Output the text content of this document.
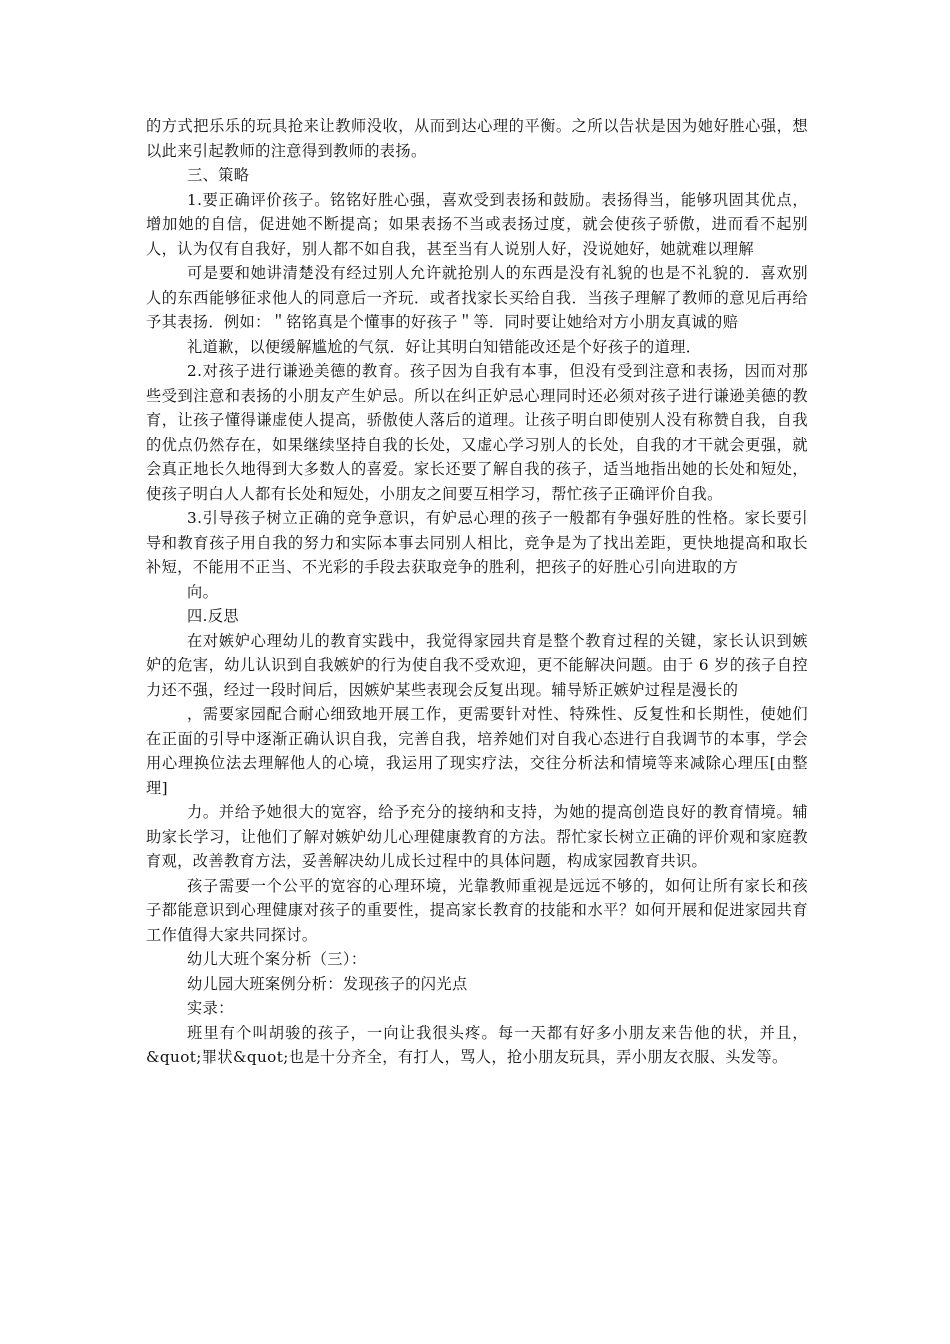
的方式把乐乐的玩具抢来让教师没收，从而到达心理的平衡。之所以告状是因为她好胜心强，想以此来引起教师的注意得到教师的表扬。

三、策略

1.要正确评价孩子。铭铭好胜心强，喜欢受到表扬和鼓励。表扬得当，能够巩固其优点，增加她的自信，促进她不断提高；如果表扬不当或表扬过度，就会使孩子骄傲，进而看不起别人，认为仅有自我好，别人都不如自我，甚至当有人说别人好，没说她好，她就难以理解

可是要和她讲清楚没有经过别人允许就抢别人的东西是没有礼貌的也是不礼貌的．喜欢别人的东西能够征求他人的同意后一齐玩．或者找家长买给自我．当孩子理解了教师的意见后再给予其表扬．例如：＂铭铭真是个懂事的好孩子＂等．同时要让她给对方小朋友真诚的赔

礼道歉，以便缓解尴尬的气氛．好让其明白知错能改还是个好孩子的道理．

2.对孩子进行谦逊美德的教育。孩子因为自我有本事，但没有受到注意和表扬，因而对那些受到注意和表扬的小朋友产生妒忌。所以在纠正妒忌心理同时还必须对孩子进行谦逊美德的教育，让孩子懂得谦虚使人提高，骄傲使人落后的道理。让孩子明白即使别人没有称赞自我，自我的优点仍然存在，如果继续坚持自我的长处，又虚心学习别人的长处，自我的才干就会更强，就会真正地长久地得到大多数人的喜爱。家长还要了解自我的孩子，适当地指出她的长处和短处，使孩子明白人人都有长处和短处，小朋友之间要互相学习，帮忙孩子正确评价自我。

3.引导孩子树立正确的竞争意识，有妒忌心理的孩子一般都有争强好胜的性格。家长要引导和教育孩子用自我的努力和实际本事去同别人相比，竞争是为了找出差距，更快地提高和取长补短，不能用不正当、不光彩的手段去获取竞争的胜利，把孩子的好胜心引向进取的方

向。

四.反思

在对嫉妒心理幼儿的教育实践中，我觉得家园共育是整个教育过程的关键，家长认识到嫉妒的危害，幼儿认识到自我嫉妒的行为使自我不受欢迎，更不能解决问题。由于 6 岁的孩子自控力还不强，经过一段时间后，因嫉妒某些表现会反复出现。辅导矫正嫉妒过程是漫长的

，需要家园配合耐心细致地开展工作，更需要针对性、特殊性、反复性和长期性，使她们在正面的引导中逐渐正确认识自我，完善自我，培养她们对自我心态进行自我调节的本事，学会用心理换位法去理解他人的心境，我运用了现实疗法，交往分析法和情境等来减除心理压[由整理]

力。并给予她很大的宽容，给予充分的接纳和支持，为她的提高创造良好的教育情境。辅助家长学习，让他们了解对嫉妒幼儿心理健康教育的方法。帮忙家长树立正确的评价观和家庭教育观，改善教育方法，妥善解决幼儿成长过程中的具体问题，构成家园教育共识。

孩子需要一个公平的宽容的心理环境，光靠教师重视是远远不够的，如何让所有家长和孩子都能意识到心理健康对孩子的重要性，提高家长教育的技能和水平？如何开展和促进家园共育工作值得大家共同探讨。

幼儿大班个案分析（三）：

幼儿园大班案例分析：发现孩子的闪光点

实录：

班里有个叫胡骏的孩子，一向让我很头疼。每一天都有好多小朋友来告他的状，并且，&quot;罪状&quot;也是十分齐全，有打人，骂人，抢小朋友玩具，弄小朋友衣服、头发等。
